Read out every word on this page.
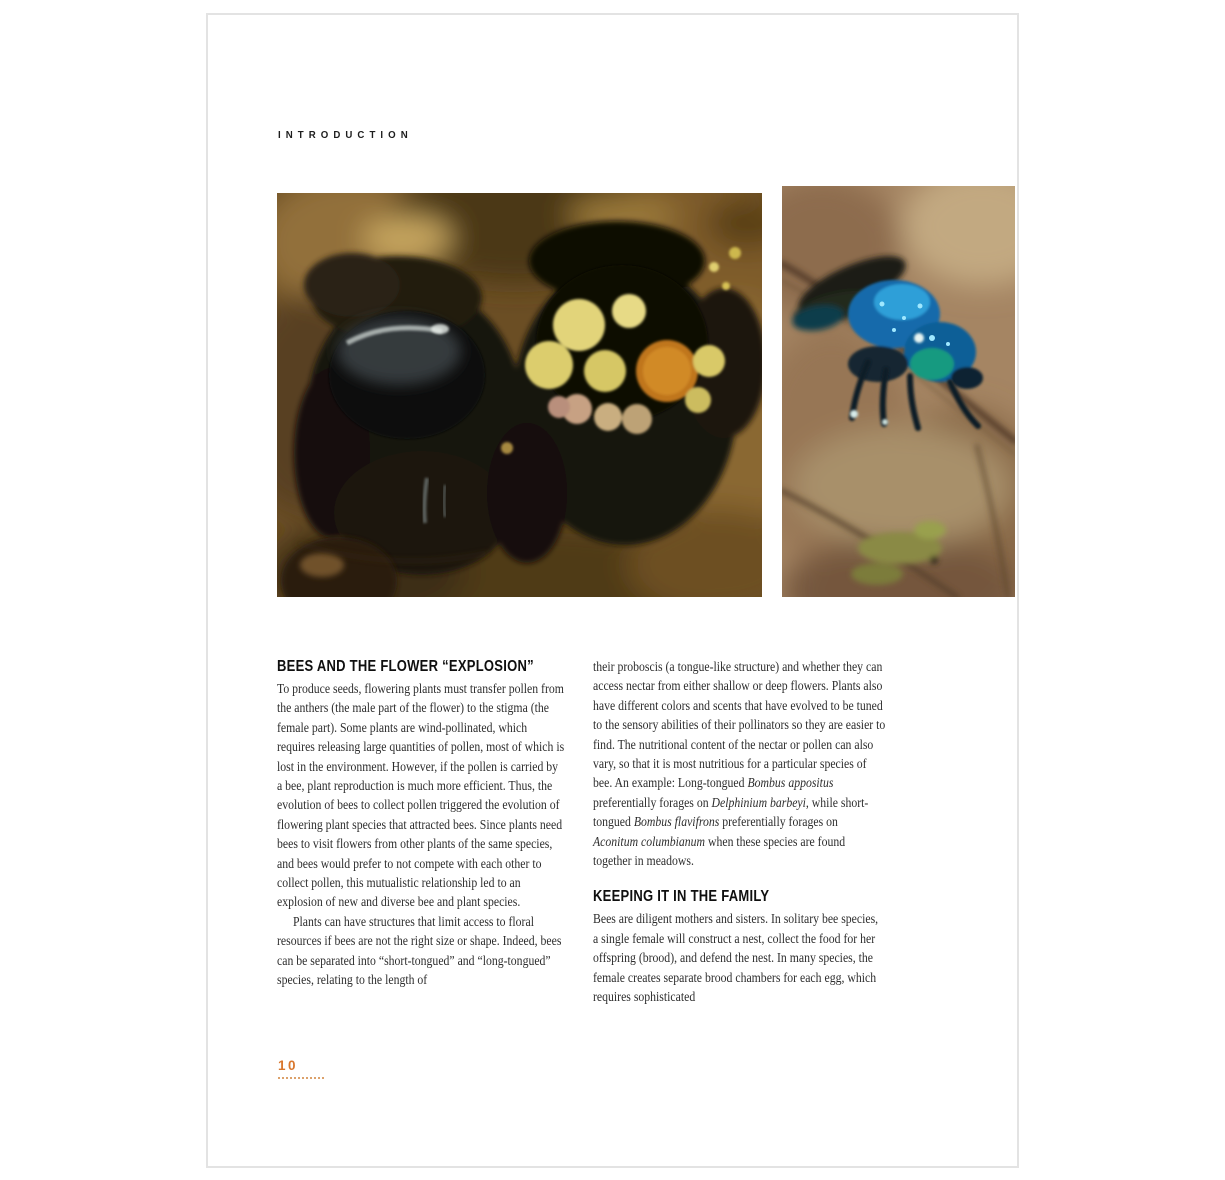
INTRODUCTION
BEES AND THE FLOWER “EXPLOSION”

To produce seeds, flowering plants must transfer pollen from the anthers (the male part of the flower) to the stigma (the female part). Some plants are wind-pollinated, which requires releasing large quantities of pollen, most of which is lost in the environment. However, if the pollen is carried by a bee, plant reproduction is much more efficient. Thus, the evolution of bees to collect pollen triggered the evolution of flowering plant species that attracted bees. Since plants need bees to visit flowers from other plants of the same species, and bees would prefer to not compete with each other to collect pollen, this mutualistic relationship led to an explosion of new and diverse bee and plant species.

Plants can have structures that limit access to floral resources if bees are not the right size or shape. Indeed, bees can be separated into “short-tongued” and “long-tongued” species, relating to the length of

their proboscis (a tongue-like structure) and whether they can access nectar from either shallow or deep flowers. Plants also have different colors and scents that have evolved to be tuned to the sensory abilities of their pollinators so they are easier to find. The nutritional content of the nectar or pollen can also vary, so that it is most nutritious for a particular species of bee. An example: Long-tongued Bombus appositus preferentially forages on Delphinium barbeyi, while short-tongued Bombus flavifrons preferentially forages on Aconitum columbianum when these species are found together in meadows.

KEEPING IT IN THE FAMILY

Bees are diligent mothers and sisters. In solitary bee species, a single female will construct a nest, collect the food for her offspring (brood), and defend the nest. In many species, the female creates separate brood chambers for each egg, which requires sophisticated

10
